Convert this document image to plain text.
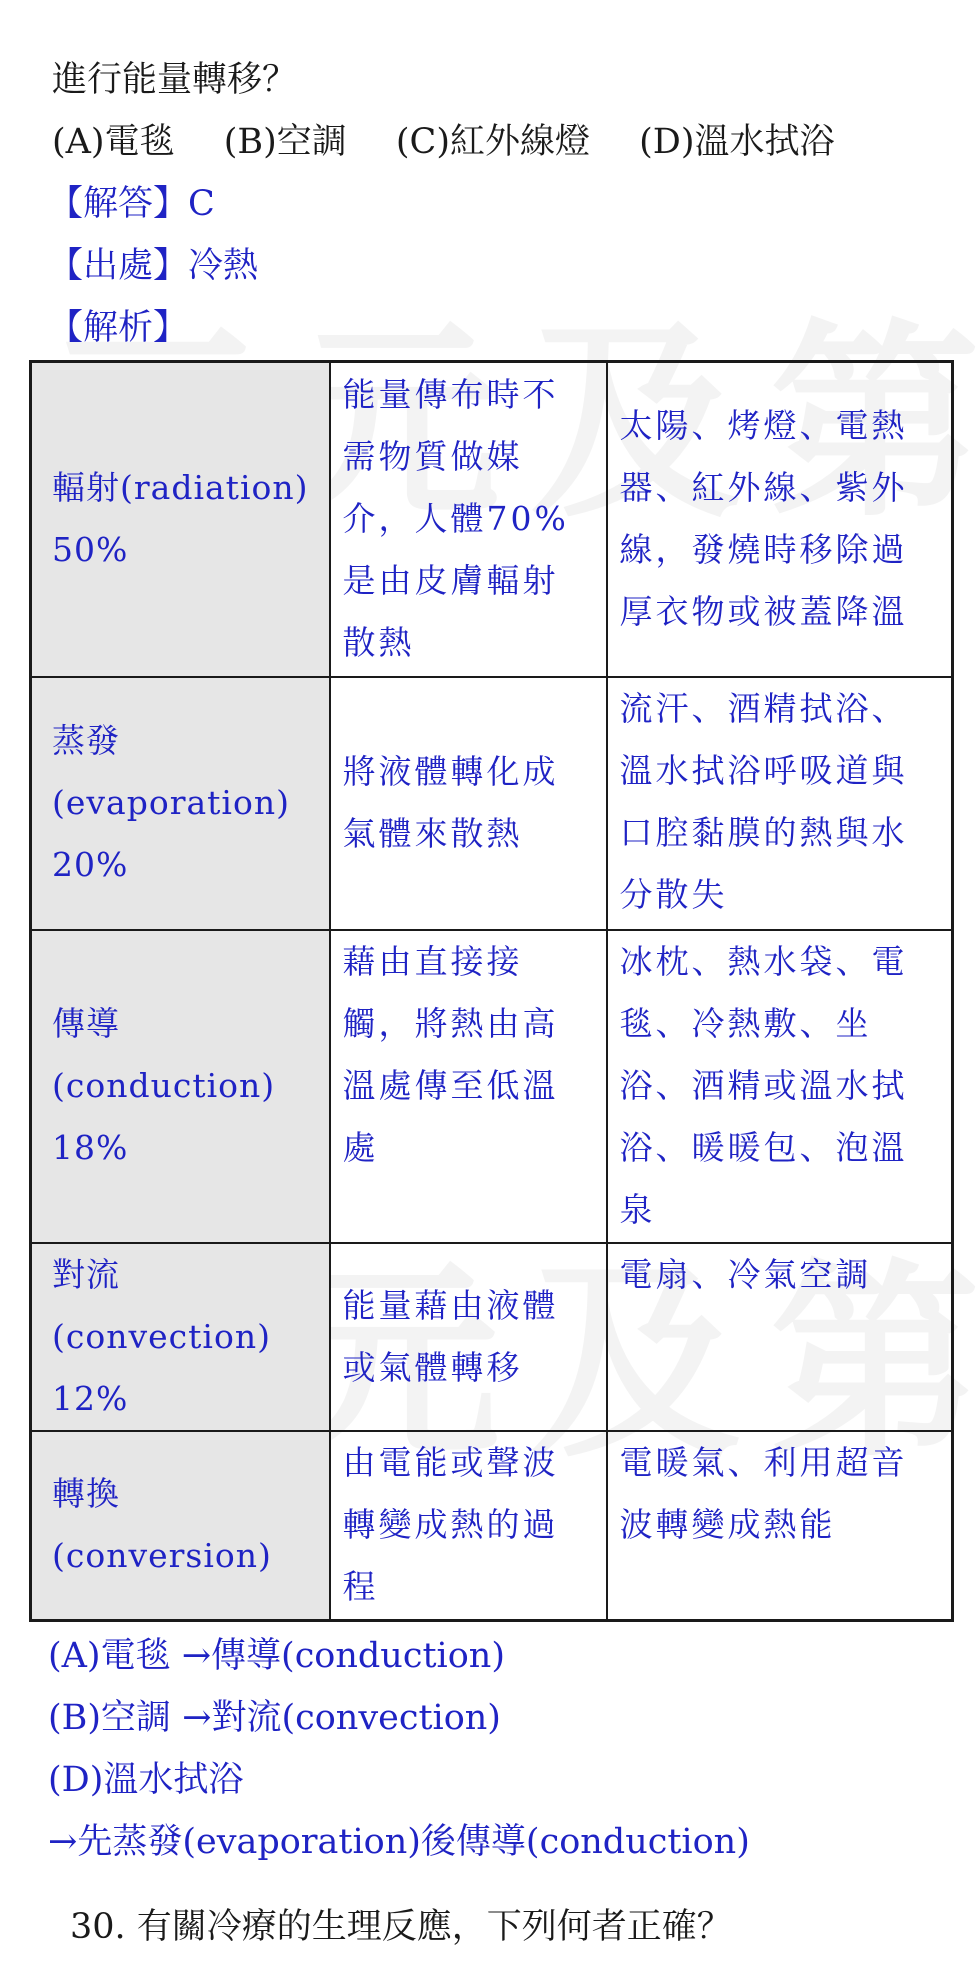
進行能量轉移？
(A)電毯 (B)空調 (C)紅外線燈 (D)溫水拭浴
【解答】C
【出處】冷熱
【解析】
輻射(radiation)
50%	能量傳布時不需物質做媒介，人體70%是由皮膚輻射散熱	太陽、烤燈、電熱器、紅外線、紫外線，發燒時移除過厚衣物或被蓋降溫
蒸發
(evaporation)
20%	將液體轉化成氣體來散熱	流汗、酒精拭浴、溫水拭浴呼吸道與口腔黏膜的熱與水分散失
傳導
(conduction)
18%	藉由直接接觸，將熱由高溫處傳至低溫處	冰枕、熱水袋、電毯、冷熱敷、坐浴、酒精或溫水拭浴、暖暖包、泡溫泉
對流
(convection)
12%	能量藉由液體或氣體轉移	電扇、冷氣空調
轉換
(conversion)	由電能或聲波轉變成熱的過程	電暖氣、利用超音波轉變成熱能
(A)電毯 →傳導(conduction)
(B)空調 →對流(convection)
(D)溫水拭浴
→先蒸發(evaporation)後傳導(conduction)
30. 有關冷療的生理反應，下列何者正確？
